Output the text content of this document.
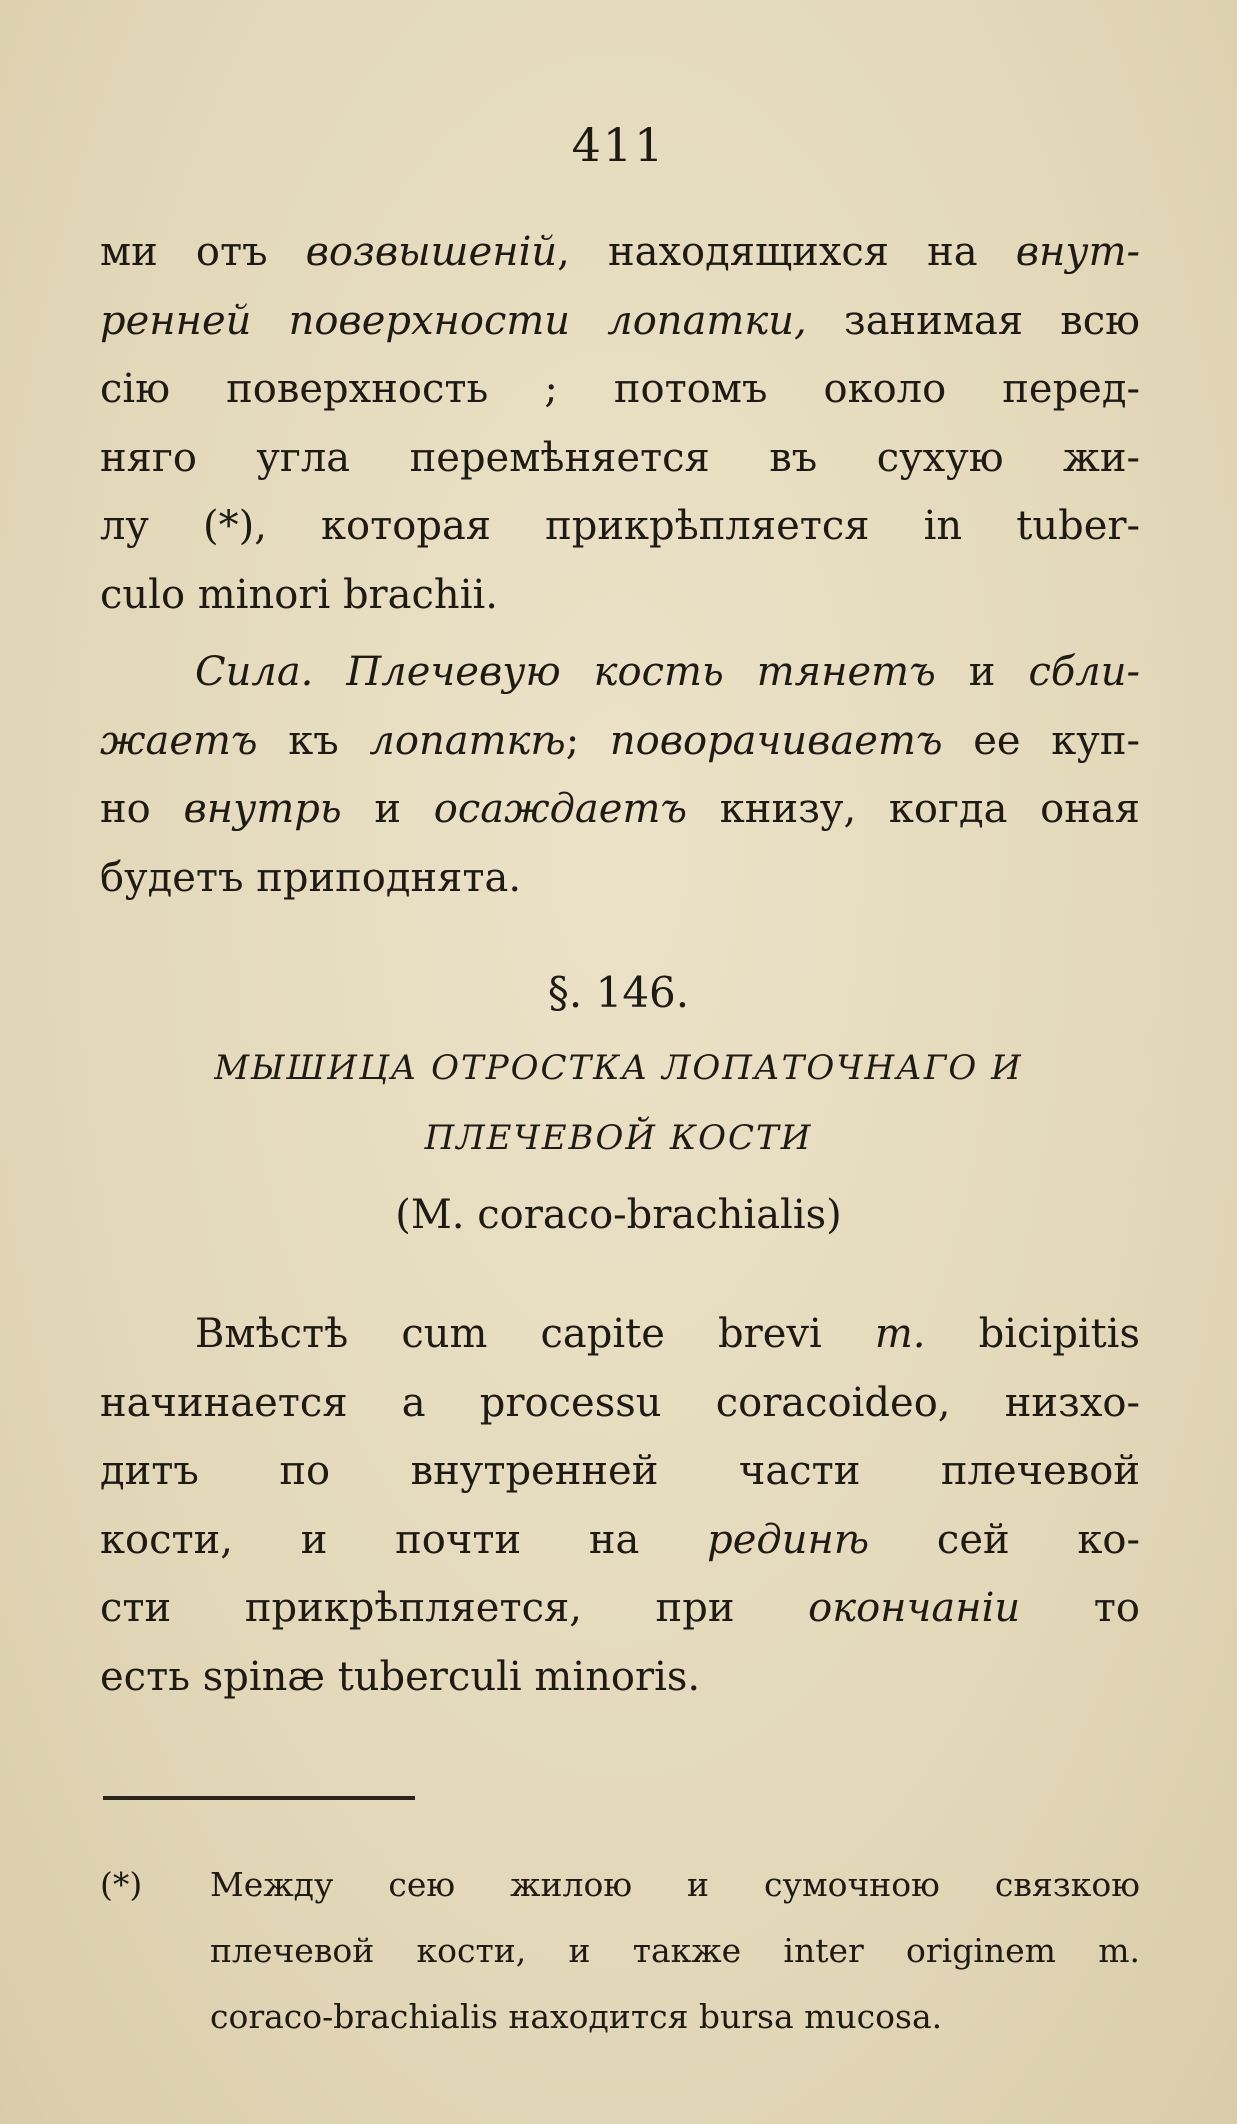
411
ми отъ возвышеній, находящихся на внут-
ренней поверхности лопатки, занимая всю
сію поверхность ; потомъ около перед-
няго угла перемѣняется въ сухую жи-
лу (*), которая прикрѣпляется in tuber-
culo minori brachii.
Сила. Плечевую кость тянетъ и сбли-
жаетъ къ лопаткѣ; поворачиваетъ ее куп-
но внутрь и осаждаетъ книзу, когда оная
будетъ приподнята.
§. 146.
МЫШИЦА ОТРОСТКА ЛОПАТОЧНАГО И
ПЛЕЧЕВОЙ КОСТИ
(M. coraco-brachialis)
Вмѣстѣ cum capite brevi m. bicipitis
начинается a processu coracoideo, низхо-
дитъ по внутренней части плечевой
кости, и почти на рединѣ сей ко-
сти прикрѣпляется, при окончаніи то
есть spinæ tuberculi minoris.
(*) Между сею жилою и сумочною связкою
плечевой кости, и также inter originem m.
coraco-brachialis находится bursa mucosa.
